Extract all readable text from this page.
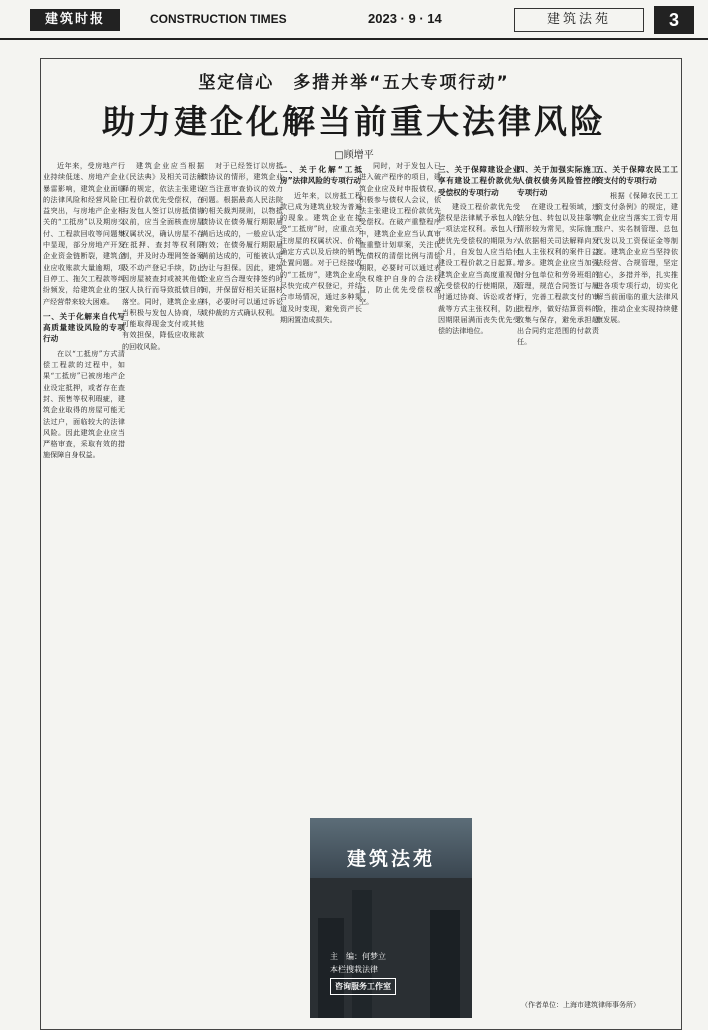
建筑时报	CONSTRUCTION TIMES	2023 · 9 · 14	建筑法苑	3
坚定信心　多措并举“五大专项行动”
助力建企化解当前重大法律风险
□顾增平

近年来，受房地产行业持续低迷、房地产企业暴雷影响，建筑企业面临的法律风险和经营风险日益突出，与房地产企业相关的“工抵房”以及期房交付、工程款回收等问题集中显现，部分房地产开发企业资金链断裂，建筑企业应收账款大量逾期，项目停工、拖欠工程款等纠纷频发，给建筑企业的生产经营带来较大困难。

一、关于化解来自代写高质量建设风险的专项行动

在以“工抵房”方式清偿工程款的过程中，如果“工抵房”已被房地产企业设定抵押，或者存在查封、预售等权利瑕疵，建筑企业取得的房屋可能无法过户，面临较大的法律风险。因此建筑企业应当严格审查，采取有效的措施保障自身权益。

建筑企业应当根据《民法典》及相关司法解释的规定，依法主张建设工程价款优先受偿权，在与发包人签订以房抵债协议前，应当全面核查房屋权属状况，确认房屋不存在抵押、查封等权利限制，并及时办理网签备案及不动产登记手续，防止因房屋被查封或被其他债权人执行而导致抵债目的落空。同时，建筑企业应当积极与发包人协商，尽可能取得现金支付或其他有效担保，降低应收账款的回收风险。

对于已经签订以房抵债协议的情形，建筑企业应当注意审查协议的效力问题。根据最高人民法院的相关裁判规则，以物抵债协议在债务履行期限届满后达成的，一般应认定有效；在债务履行期限届满前达成的，可能被认定为让与担保。因此，建筑企业应当合理安排签约时间，并保留好相关证据材料，必要时可以通过诉讼或仲裁的方式确认权利。

二、关于化解“工抵房”法律风险的专项行动

近年来，以房抵工程款已成为建筑业较为普遍的现象。建筑企业在接受“工抵房”时，应重点关注房屋的权属状况、价格确定方式以及后续的销售处置问题。对于已经接收的“工抵房”，建筑企业应尽快完成产权登记，并结合市场情况，通过多种渠道及时变现，避免资产长期闲置造成损失。

同时，对于发包人已进入破产程序的项目，建筑企业应及时申报债权，积极参与债权人会议，依法主张建设工程价款优先受偿权。在破产重整程序中，建筑企业应当认真审查重整计划草案，关注优先债权的清偿比例与清偿期限，必要时可以通过表决权维护自身的合法权益，防止优先受偿权落空。

三、关于保障建设企业享有建设工程价款优先受偿权的专项行动

建设工程价款优先受偿权是法律赋予承包人的一项法定权利。承包人行使优先受偿权的期限为六个月，自发包人应当给付建设工程价款之日起算。建筑企业应当高度重视优先受偿权的行使期限，及时通过协商、诉讼或者仲裁等方式主张权利，防止因期限届满而丧失优先受偿的法律地位。

四、关于加强实际施工人债权债务风险管控的专项行动

在建设工程领域，违法分包、转包以及挂靠等情形较为常见，实际施工人依据相关司法解释向发包人主张权利的案件日益增多。建筑企业应当加强对分包单位和劳务班组的管理，规范合同签订与履行，完善工程款支付的审批程序，做好结算资料的收集与保存，避免承担超出合同约定范围的付款责任。

五、关于保障农民工工资支付的专项行动

根据《保障农民工工资支付条例》的规定，建筑企业应当落实工资专用账户、实名制管理、总包代发以及工资保证金等制度。建筑企业应当坚持依法经营、合规管理，坚定信心，多措并举，扎实推进各项专项行动，切实化解当前面临的重大法律风险，推动企业实现持续健康发展。

建筑法苑
主　编：何梦立
本栏搜栽法律
咨询服务工作室
（作者单位：上海市建筑律师事务所）
